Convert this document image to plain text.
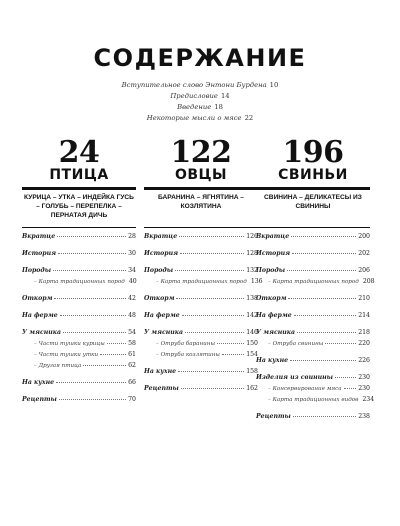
СОДЕРЖАНИЕ
Вступительное слово Энтони Бурдена 10
Предисловие 14
Введение 18
Некоторые мысли о мясе 22
24
ПТИЦА
КУРИЦА – УТКА – ИНДЕЙКА ГУСЬ – ГОЛУБЬ – ПЕРЕПЕЛКА – ПЕРНАТАЯ ДИЧЬ
Вкратце	28
История	30
Породы	34
– Карта традиционных пород 40
Откорм	42
На ферме	48
У мясника	54
– Части тушки курицы	58
– Части тушки утки	61
– Другая птица	62
На кухне	66
Рецепты	70
122
ОВЦЫ
БАРАНИНА – ЯГНЯТИНА – КОЗЛЯТИНА
Вкратце	126
История	128
Породы	132
– Карта традиционных пород 136
Откорм	138
На ферме	142
У мясника	146
– Отруба баранины	150
– Отруба козлятины	154
На кухне	158
Рецепты	162
196
СВИНЬИ
СВИНИНА – ДЕЛИКАТЕСЫ ИЗ СВИНИНЫ
Вкратце	200
История	202
Породы	206
– Карта традиционных пород 208
Откорм	210
На ферме	214
У мясника	218
– Отруба свинины	220
На кухне	226
Изделия из свинины	230
– Консервирование мяса	230
– Карта традиционных видов 234
Рецепты	238
